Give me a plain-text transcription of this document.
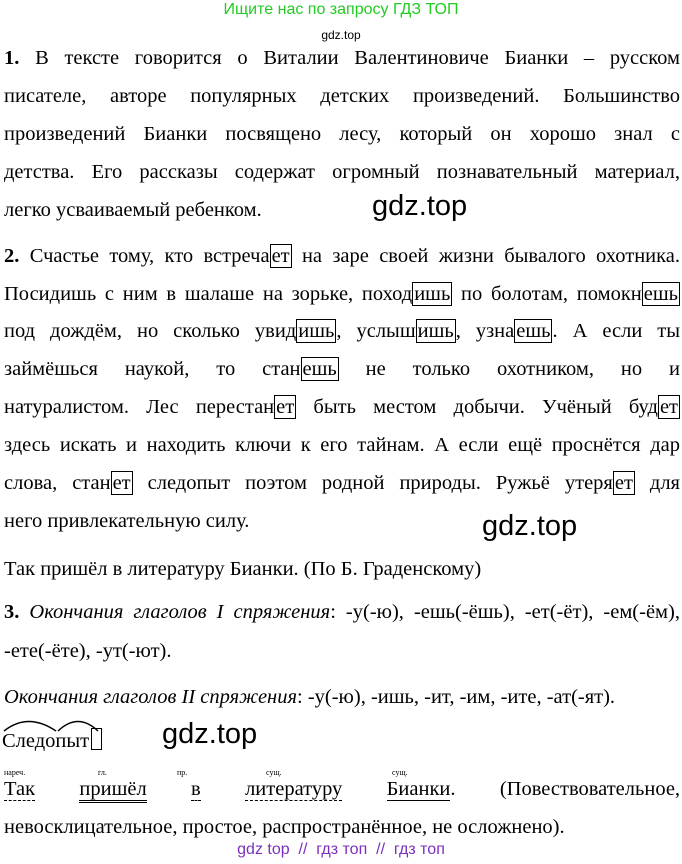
Ищите нас по запросу ГДЗ ТОП
gdz.top
1. В тексте говорится о Виталии Валентиновиче Бианки – русском
писателе, авторе популярных детских произведений. Большинство
произведений Бианки посвящено лесу, который он хорошо знал с
детства. Его рассказы содержат огромный познавательный материал,
легко усваиваемый ребенком.	gdz.top
2. Счастье тому, кто встречает на заре своей жизни бывалого охотника.
Посидишь с ним в шалаше на зорьке, походишь по болотам, помокнешь
под дождём, но сколько увидишь, услышишь, узнаешь. А если ты
займёшься наукой, то станешь не только охотником, но и
натуралистом. Лес перестанет быть местом добычи. Учёный будет
здесь искать и находить ключи к его тайнам. А если ещё проснётся дар
слова, станет следопыт поэтом родной природы. Ружьё утеряет для
него привлекательную силу.	gdz.top
Так пришёл в литературу Бианки. (По Б. Граденскому)
3. Окончания глаголов I спряжения: -у(-ю), -ешь(-ёшь), -ет(-ёт), -ем(-ём),
-ете(-ёте), -ут(-ют).
Окончания глаголов II спряжения: -у(-ю), -ишь, -ит, -им, -ите, -ат(-ят).
Следопыт	gdz.top
нареч.	гл.	пр.	сущ.	сущ.
Так пришёл в литературу Бианки. (Повествовательное,
невосклицательное, простое, распространённое, не осложнено).
gdz top  //  гдз топ  //  гдз топ
